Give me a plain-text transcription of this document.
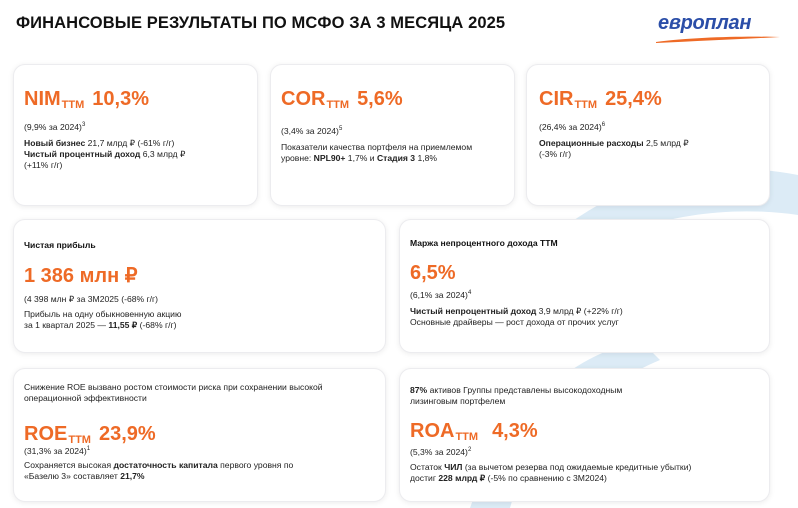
ФИНАНСОВЫЕ РЕЗУЛЬТАТЫ ПО МСФО ЗА 3 МЕСЯЦА 2025	европлан
NIMTTM 10,3%
(9,9% за 2024)$^3$
Новый бизнес 21,7 млрд ₽ (-61% г/г)
Чистый процентный доход 6,3 млрд ₽
(+11% г/г)
CORTTM 5,6%
(3,4% за 2024)$^5$
Показатели качества портфеля на приемлемом
уровне: NPL90+ 1,7% и Стадия 3 1,8%
CIRTTM 25,4%
(26,4% за 2024)$^6$
Операционные расходы 2,5 млрд ₽
(-3% г/г)
Чистая прибыль
1 386 млн ₽
(4 398 млн ₽ за 3М2025 (-68% г/г)
Прибыль на одну обыкновенную акцию
за 1 квартал 2025 — 11,55 ₽ (-68% г/г)
Маржа непроцентного дохода TTM
6,5%
(6,1% за 2024)$^4$
Чистый непроцентный доход 3,9 млрд ₽ (+22% г/г)
Основные драйверы — рост дохода от прочих услуг
Снижение ROE вызвано ростом стоимости риска при сохранении высокой
операционной эффективности
ROETTM 23,9%
(31,3% за 2024)$^1$
Сохраняется высокая достаточность капитала первого уровня по
«Базелю 3» составляет 21,7%
87% активов Группы представлены высокодоходным
лизинговым портфелем
ROATTM 4,3%
(5,3% за 2024)$^2$
Остаток ЧИЛ (за вычетом резерва под ожидаемые кредитные убытки)
достиг 228 млрд ₽ (-5% по сравнению с 3М2024)
